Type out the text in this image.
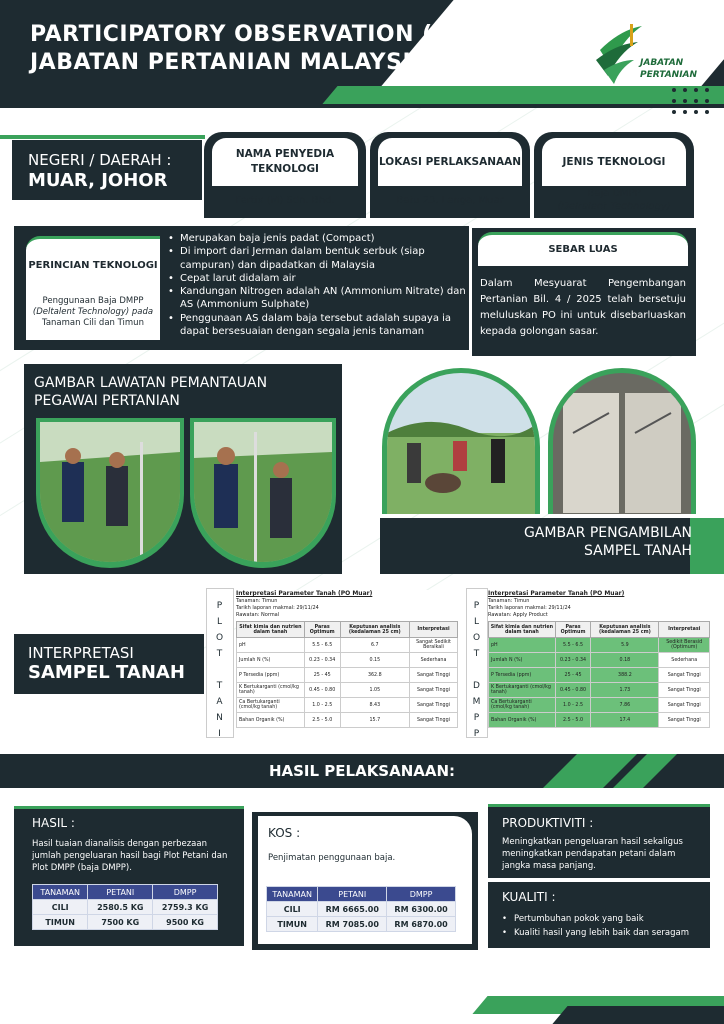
PARTICIPATORY OBSERVATION (PO)
JABATAN PERTANIAN MALAYSIA	JABATAN
PERTANIAN
NEGERI / DAERAH :
MUAR, JOHOR
NAMA PENYEDIA TEKNOLOGI
Fertix (M) Sdn. Bhd.
LOKASI PERLAKSANAAN
Batu 23, Lenga, Muar
JENIS TEKNOLOGI
Baja DMPP
(Deltalent Technology)
PERINCIAN TEKNOLOGI
Penggunaan Baja DMPP
(Deltalent Technology) pada
Tanaman Cili dan Timun
• Merupakan baja jenis padat (Compact)
• Di import dari Jerman dalam bentuk serbuk (siap campuran) dan dipadatkan di Malaysia
• Cepat larut didalam air
• Kandungan Nitrogen adalah AN (Ammonium Nitrate) dan AS (Ammonium Sulphate)
• Penggunaan AS dalam baja tersebut adalah supaya ia dapat bersesuaian dengan segala jenis tanaman
SEBAR LUAS
Dalam Mesyuarat Pengembangan Pertanian Bil. 4 / 2025 telah bersetuju meluluskan PO ini untuk disebarluaskan kepada golongan sasar.
GAMBAR LAWATAN PEMANTAUAN
PEGAWAI PERTANIAN
GAMBAR PENGAMBILAN
SAMPEL TANAH
INTERPRETASI
SAMPEL TANAH
P
L
O
T

T
A
N
I
P
L
O
T

D
M
P
P
Interpretasi Parameter Tanah (PO Muar)
Tanaman: Timun
Tarikh laporan makmal: 29/11/24
Rawatan: Normal
Sifat kimia dan nutrien dalam tanah	Paras Optimum	Keputusan analisis (kedalaman 25 cm)	Interpretasi
pH	5.5 - 6.5	6.7	Sangat Sedikit Beralkali
Jumlah N (%)	0.23 - 0.34	0.15	Sederhana
P Tersedia (ppm)	25 - 45	362.8	Sangat Tinggi
K Bertukarganti (cmol/kg tanah)	0.45 - 0.80	1.05	Sangat Tinggi
Ca Bertukarganti (cmol/kg tanah)	1.0 - 2.5	8.43	Sangat Tinggi
Bahan Organik (%)	2.5 - 5.0	15.7	Sangat Tinggi
Interpretasi Parameter Tanah (PO Muar)
Tanaman: Timun
Tarikh laporan makmal: 29/11/24
Rawatan: Apply Product
Sifat kimia dan nutrien dalam tanah	Paras Optimum	Keputusan analisis (kedalaman 25 cm)	Interpretasi
pH	5.5 - 6.5	5.9	Sedikit Berasid (Optimum)
Jumlah N (%)	0.23 - 0.34	0.18	Sederhana
P Tersedia (ppm)	25 - 45	388.2	Sangat Tinggi
K Bertukarganti (cmol/kg tanah)	0.45 - 0.80	1.73	Sangat Tinggi
Ca Bertukarganti (cmol/kg tanah)	1.0 - 2.5	7.86	Sangat Tinggi
Bahan Organik (%)	2.5 - 5.0	17.4	Sangat Tinggi
HASIL PELAKSANAAN:
HASIL :
Hasil tuaian dianalisis dengan perbezaan jumlah pengeluaran hasil bagi Plot Petani dan Plot DMPP (baja DMPP).
TANAMAN	PETANI	DMPP
CILI	2580.5 KG	2759.3 KG
TIMUN	7500 KG	9500 KG
KOS :
Penjimatan penggunaan baja.
TANAMAN	PETANI	DMPP
CILI	RM 6665.00	RM 6300.00
TIMUN	RM 7085.00	RM 6870.00
PRODUKTIVITI :
Meningkatkan pengeluaran hasil sekaligus meningkatkan pendapatan petani dalam jangka masa panjang.
KUALITI :
• Pertumbuhan pokok yang baik
• Kualiti hasil yang lebih baik dan seragam
